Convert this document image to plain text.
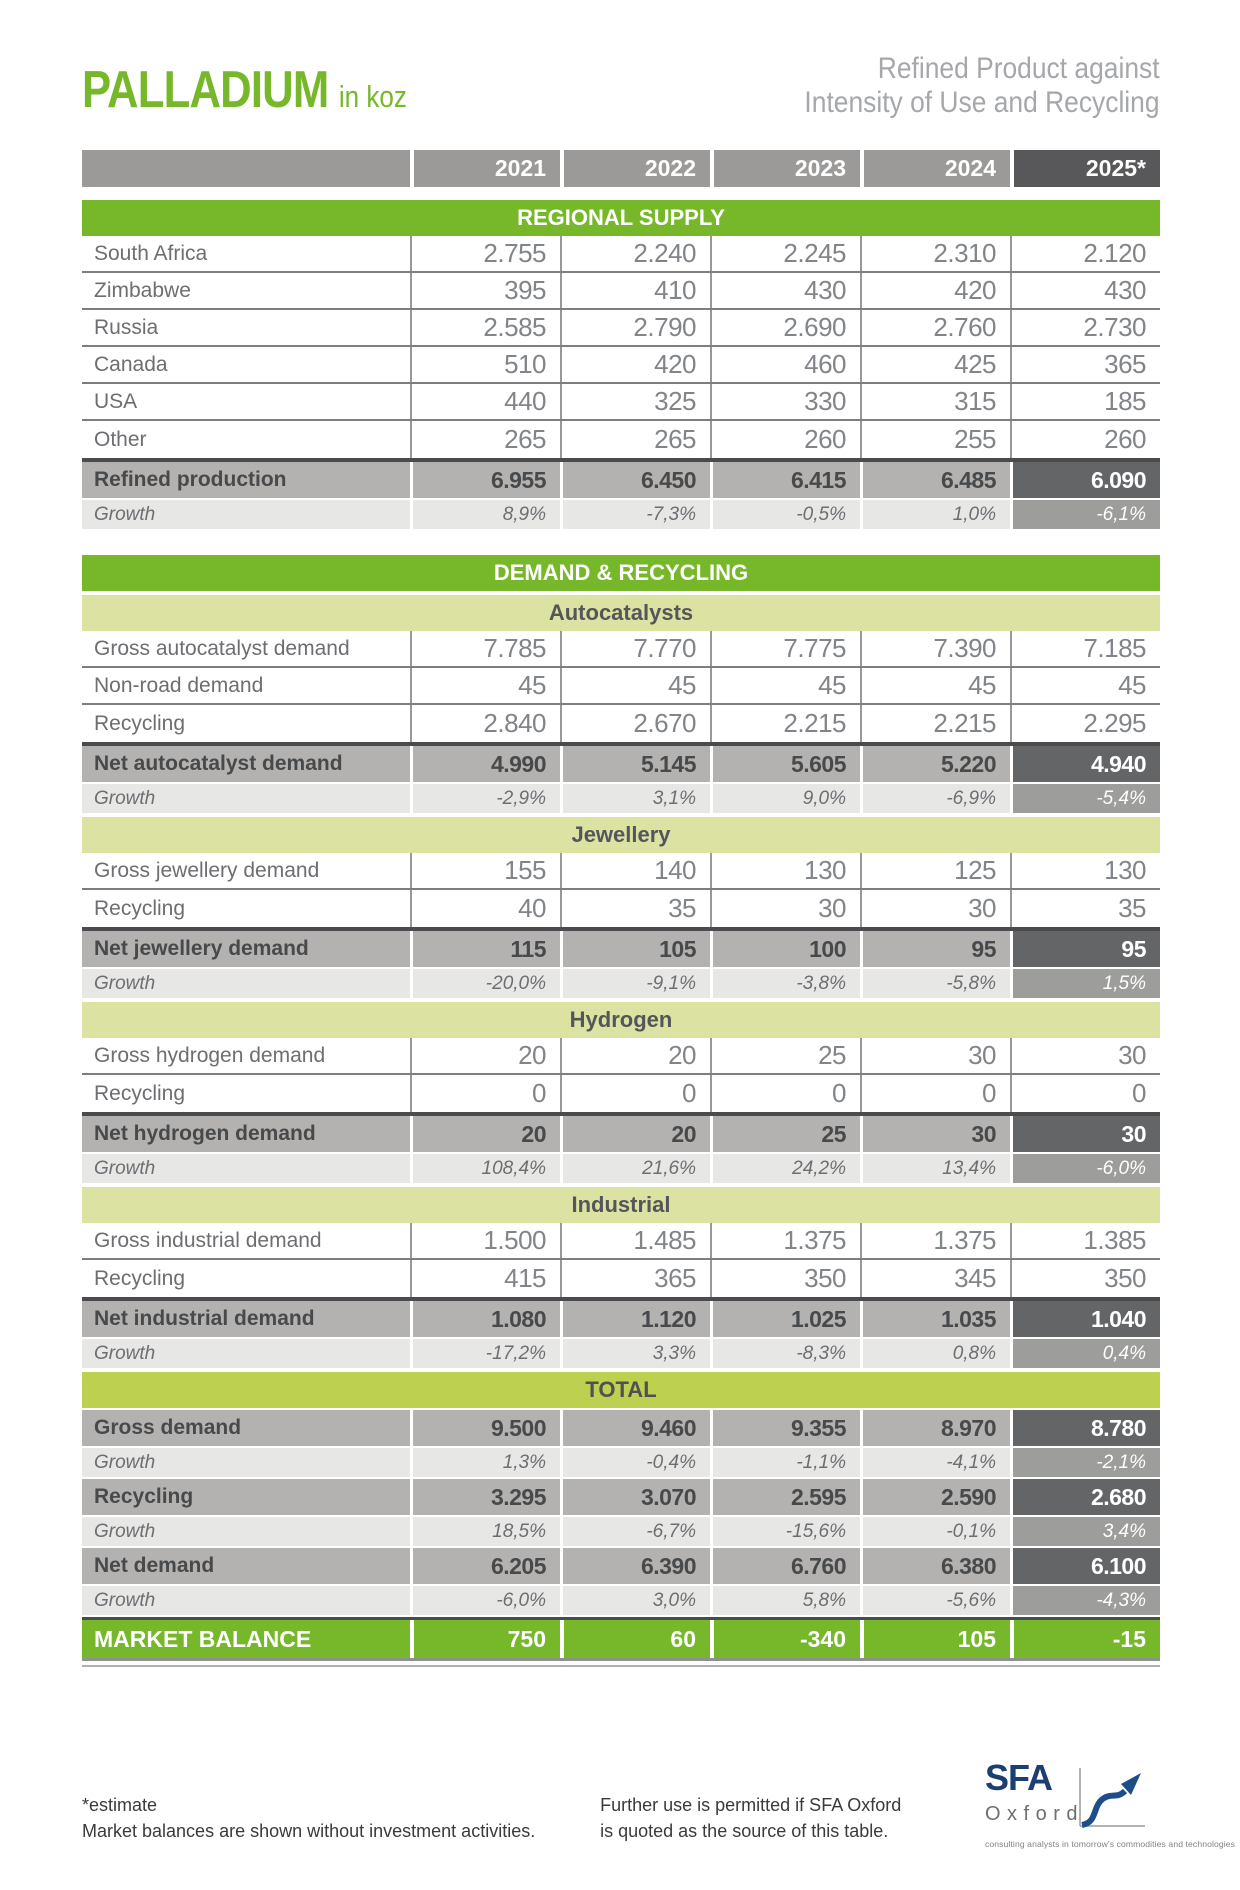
PALLADIUM in koz
Refined Product against
Intensity of Use and Recycling
2021	2022	2023	2024	2025*
REGIONAL SUPPLY
South Africa	2.755	2.240	2.245	2.310	2.120
Zimbabwe	395	410	430	420	430
Russia	2.585	2.790	2.690	2.760	2.730
Canada	510	420	460	425	365
USA	440	325	330	315	185
Other	265	265	260	255	260
Refined production	6.955	6.450	6.415	6.485	6.090
Growth	8,9%	-7,3%	-0,5%	1,0%	-6,1%
DEMAND & RECYCLING
Autocatalysts
Gross autocatalyst demand	7.785	7.770	7.775	7.390	7.185
Non-road demand	45	45	45	45	45
Recycling	2.840	2.670	2.215	2.215	2.295
Net autocatalyst demand	4.990	5.145	5.605	5.220	4.940
Growth	-2,9%	3,1%	9,0%	-6,9%	-5,4%
Jewellery
Gross jewellery demand	155	140	130	125	130
Recycling	40	35	30	30	35
Net jewellery demand	115	105	100	95	95
Growth	-20,0%	-9,1%	-3,8%	-5,8%	1,5%
Hydrogen
Gross hydrogen demand	20	20	25	30	30
Recycling	0	0	0	0	0
Net hydrogen demand	20	20	25	30	30
Growth	108,4%	21,6%	24,2%	13,4%	-6,0%
Industrial
Gross industrial demand	1.500	1.485	1.375	1.375	1.385
Recycling	415	365	350	345	350
Net industrial demand	1.080	1.120	1.025	1.035	1.040
Growth	-17,2%	3,3%	-8,3%	0,8%	0,4%
TOTAL
Gross demand	9.500	9.460	9.355	8.970	8.780
Growth	1,3%	-0,4%	-1,1%	-4,1%	-2,1%
Recycling	3.295	3.070	2.595	2.590	2.680
Growth	18,5%	-6,7%	-15,6%	-0,1%	3,4%
Net demand	6.205	6.390	6.760	6.380	6.100
Growth	-6,0%	3,0%	5,8%	-5,6%	-4,3%
MARKET BALANCE	750	60	-340	105	-15
*estimate
Market balances are shown without investment activities.
Further use is permitted if SFA Oxford
is quoted as the source of this table.
SFA
Oxford
consulting analysts in tomorrow's commodities and technologies
